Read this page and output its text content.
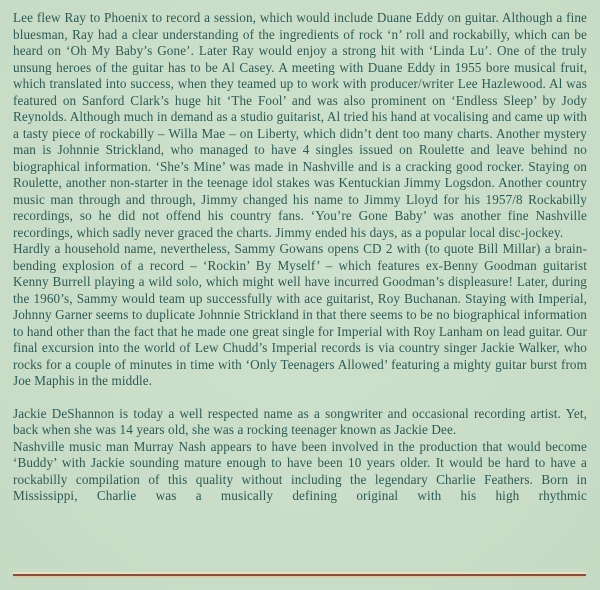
Lee flew Ray to Phoenix to record a session, which would include Duane Eddy on guitar. Although a fine bluesman, Ray had a clear understanding of the ingredients of rock ‘n’ roll and rockabilly, which can be heard on ‘Oh My Baby’s Gone’. Later Ray would enjoy a strong hit with ‘Linda Lu’. One of the truly unsung heroes of the guitar has to be Al Casey. A meeting with Duane Eddy in 1955 bore musical fruit, which translated into success, when they teamed up to work with producer/writer Lee Hazlewood. Al was featured on Sanford Clark’s huge hit ‘The Fool’ and was also prominent on ‘Endless Sleep’ by Jody Reynolds. Although much in demand as a studio guitarist, Al tried his hand at vocalising and came up with a tasty piece of rockabilly – Willa Mae – on Liberty, which didn’t dent too many charts. Another mystery man is Johnnie Strickland, who managed to have 4 singles issued on Roulette and leave behind no biographical information. ‘She’s Mine’ was made in Nashville and is a cracking good rocker. Staying on Roulette, another non-starter in the teenage idol stakes was Kentuckian Jimmy Logsdon. Another country music man through and through, Jimmy changed his name to Jimmy Lloyd for his 1957/8 Rockabilly recordings, so he did not offend his country fans. ‘You’re Gone Baby’ was another fine Nashville recordings, which sadly never graced the charts. Jimmy ended his days, as a popular local disc-jockey.

Hardly a household name, nevertheless, Sammy Gowans opens CD 2 with (to quote Bill Millar) a brain-bending explosion of a record – ‘Rockin’ By Myself’ – which features ex-Benny Goodman guitarist Kenny Burrell playing a wild solo, which might well have incurred Goodman’s displeasure! Later, during the 1960’s, Sammy would team up successfully with ace guitarist, Roy Buchanan. Staying with Imperial, Johnny Garner seems to duplicate Johnnie Strickland in that there seems to be no biographical information to hand other than the fact that he made one great single for Imperial with Roy Lanham on lead guitar. Our final excursion into the world of Lew Chudd’s Imperial records is via country singer Jackie Walker, who rocks for a couple of minutes in time with ‘Only Teenagers Allowed’ featuring a mighty guitar burst from Joe Maphis in the middle.

Jackie DeShannon is today a well respected name as a songwriter and occasional recording artist. Yet, back when she was 14 years old, she was a rocking teenager known as Jackie Dee.

Nashville music man Murray Nash appears to have been involved in the production that would become ‘Buddy’ with Jackie sounding mature enough to have been 10 years older. It would be hard to have a rockabilly compilation of this quality without including the legendary Charlie Feathers. Born in Mississippi, Charlie was a musically defining original with his high rhythmic
